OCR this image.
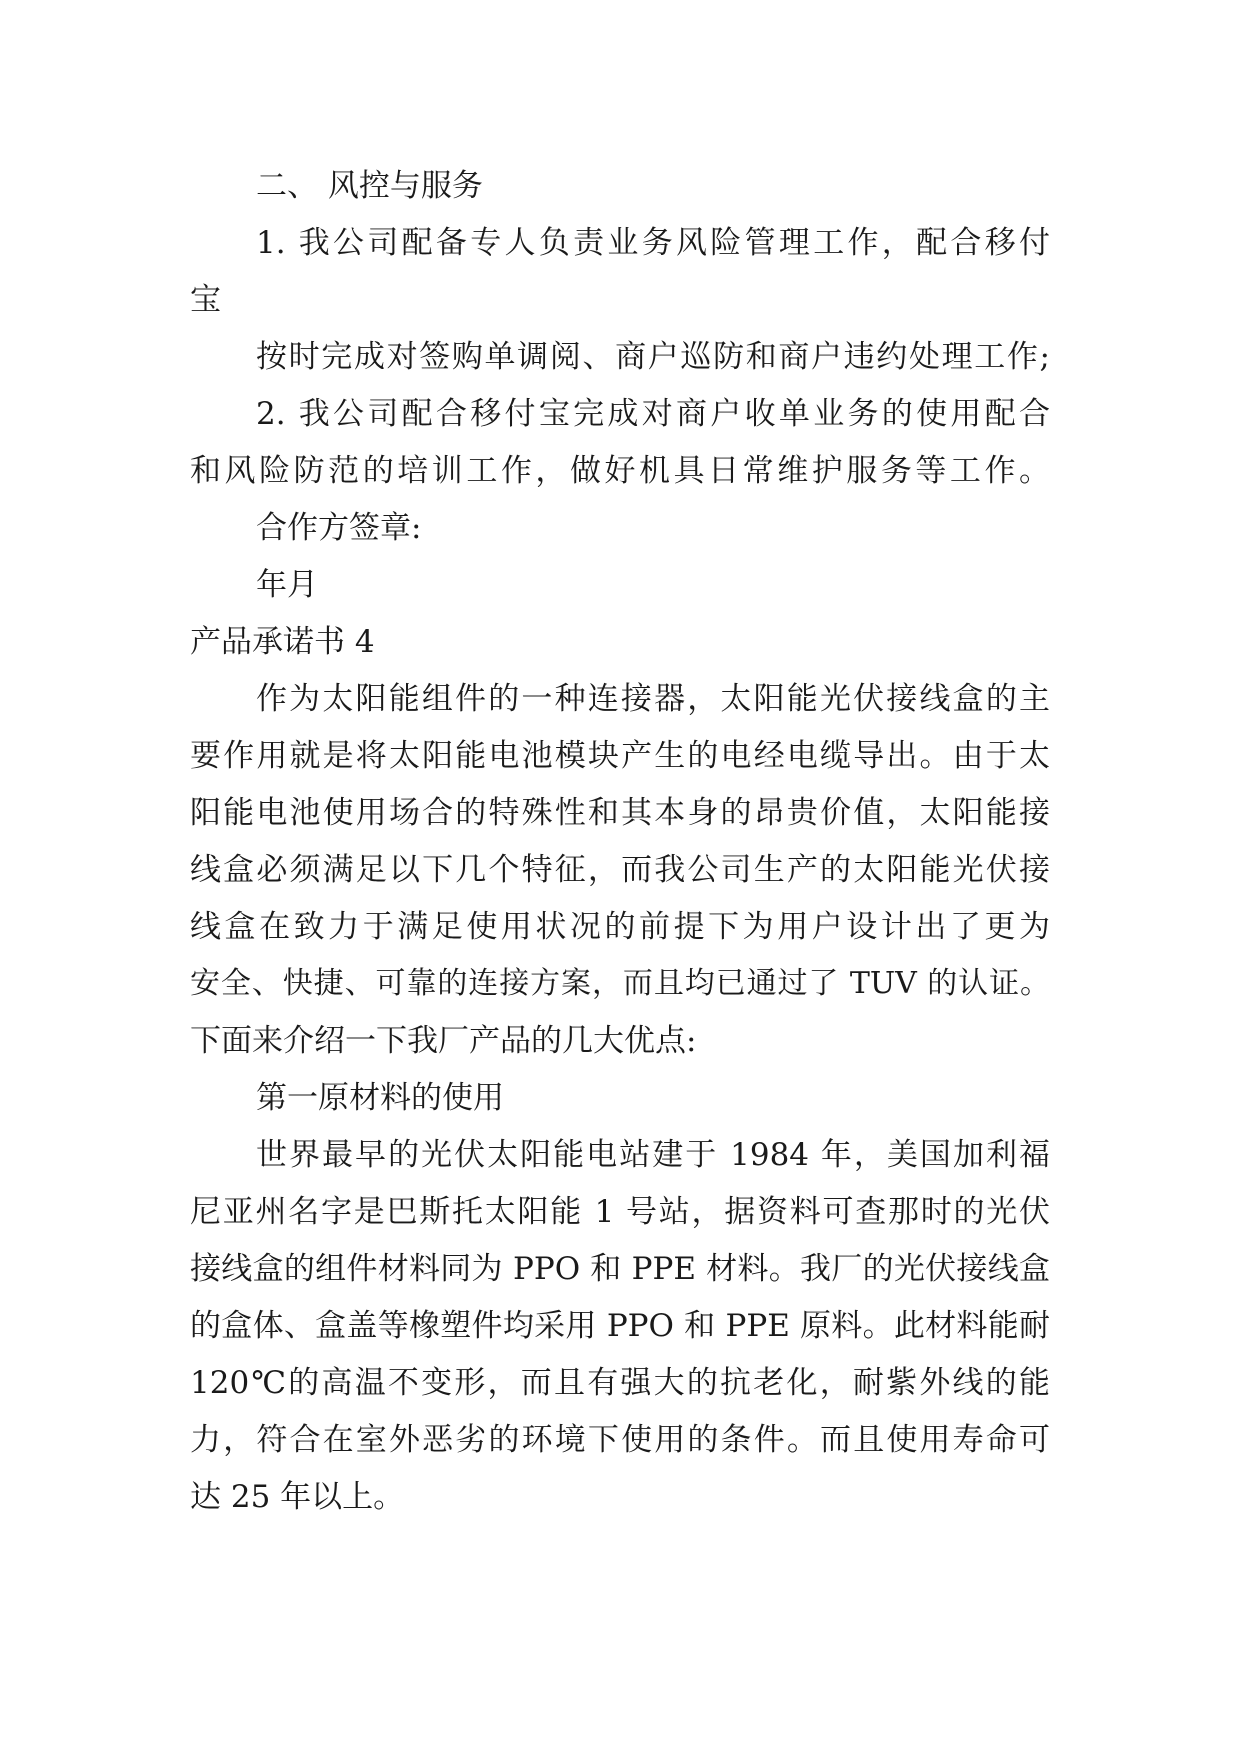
二、 风控与服务
1. 我公司配备专人负责业务风险管理工作，配合移付
宝
按时完成对签购单调阅、商户巡防和商户违约处理工作;
2. 我公司配合移付宝完成对商户收单业务的使用配合
和风险防范的培训工作，做好机具日常维护服务等工作。
合作方签章:
年月
产品承诺书 4
作为太阳能组件的一种连接器，太阳能光伏接线盒的主
要作用就是将太阳能电池模块产生的电经电缆导出。由于太
阳能电池使用场合的特殊性和其本身的昂贵价值，太阳能接
线盒必须满足以下几个特征，而我公司生产的太阳能光伏接
线盒在致力于满足使用状况的前提下为用户设计出了更为
安全、快捷、可靠的连接方案，而且均已通过了 TUV 的认证。
下面来介绍一下我厂产品的几大优点:
第一原材料的使用
世界最早的光伏太阳能电站建于 1984 年，美国加利福
尼亚州名字是巴斯托太阳能 1 号站，据资料可查那时的光伏
接线盒的组件材料同为 PPO 和 PPE 材料。我厂的光伏接线盒
的盒体、盒盖等橡塑件均采用 PPO 和 PPE 原料。此材料能耐
120℃的高温不变形，而且有强大的抗老化，耐紫外线的能
力，符合在室外恶劣的环境下使用的条件。而且使用寿命可
达 25 年以上。
